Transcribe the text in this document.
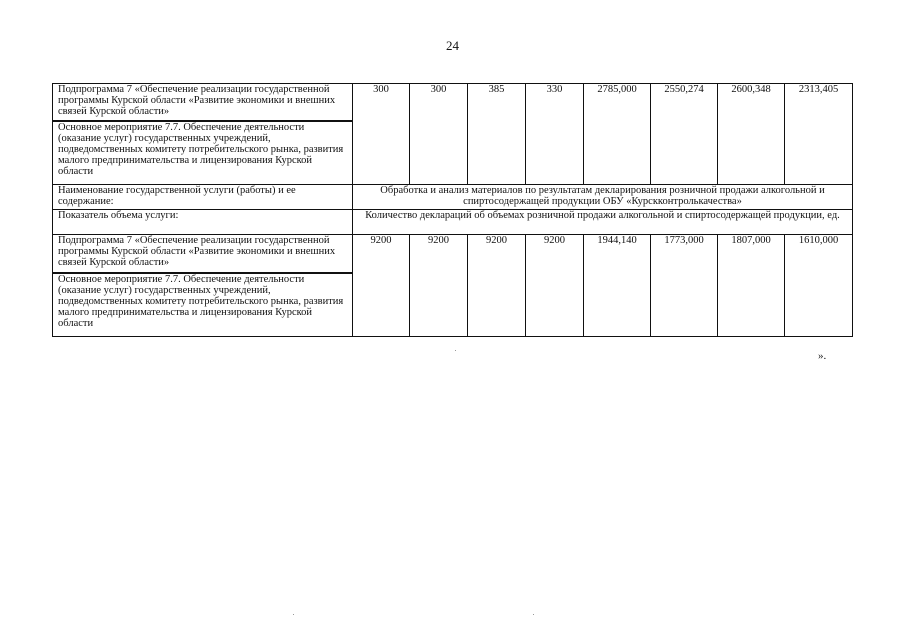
24
Подпрограмма 7 «Обеспечение реализации государственной программы Курской области «Развитие экономики и внешних связей Курской области»	300	300	385	330	2785,000	2550,274	2600,348	2313,405
Основное мероприятие 7.7. Обеспечение деятельности (оказание услуг) государственных учреждений, подведомственных комитету потребительского рынка, развития малого предпринимательства и лицензирования Курской области								
Наименование государственной услуги (работы) и ее содержание:	Обработка и анализ материалов по результатам декларирования розничной продажи алкогольной и спиртосодержащей продукции ОБУ «Курскконтролькачества»							
Показатель объема услуги:	Количество деклараций об объемах розничной продажи алкогольной и спиртосодержащей продукции, ед.							
Подпрограмма 7 «Обеспечение реализации государственной программы Курской области «Развитие экономики и внешних связей Курской области»	9200	9200	9200	9200	1944,140	1773,000	1807,000	1610,000
Основное мероприятие 7.7. Обеспечение деятельности (оказание услуг) государственных учреждений, подведомственных комитету потребительского рынка, развития малого предпринимательства и лицензирования Курской области								
».
